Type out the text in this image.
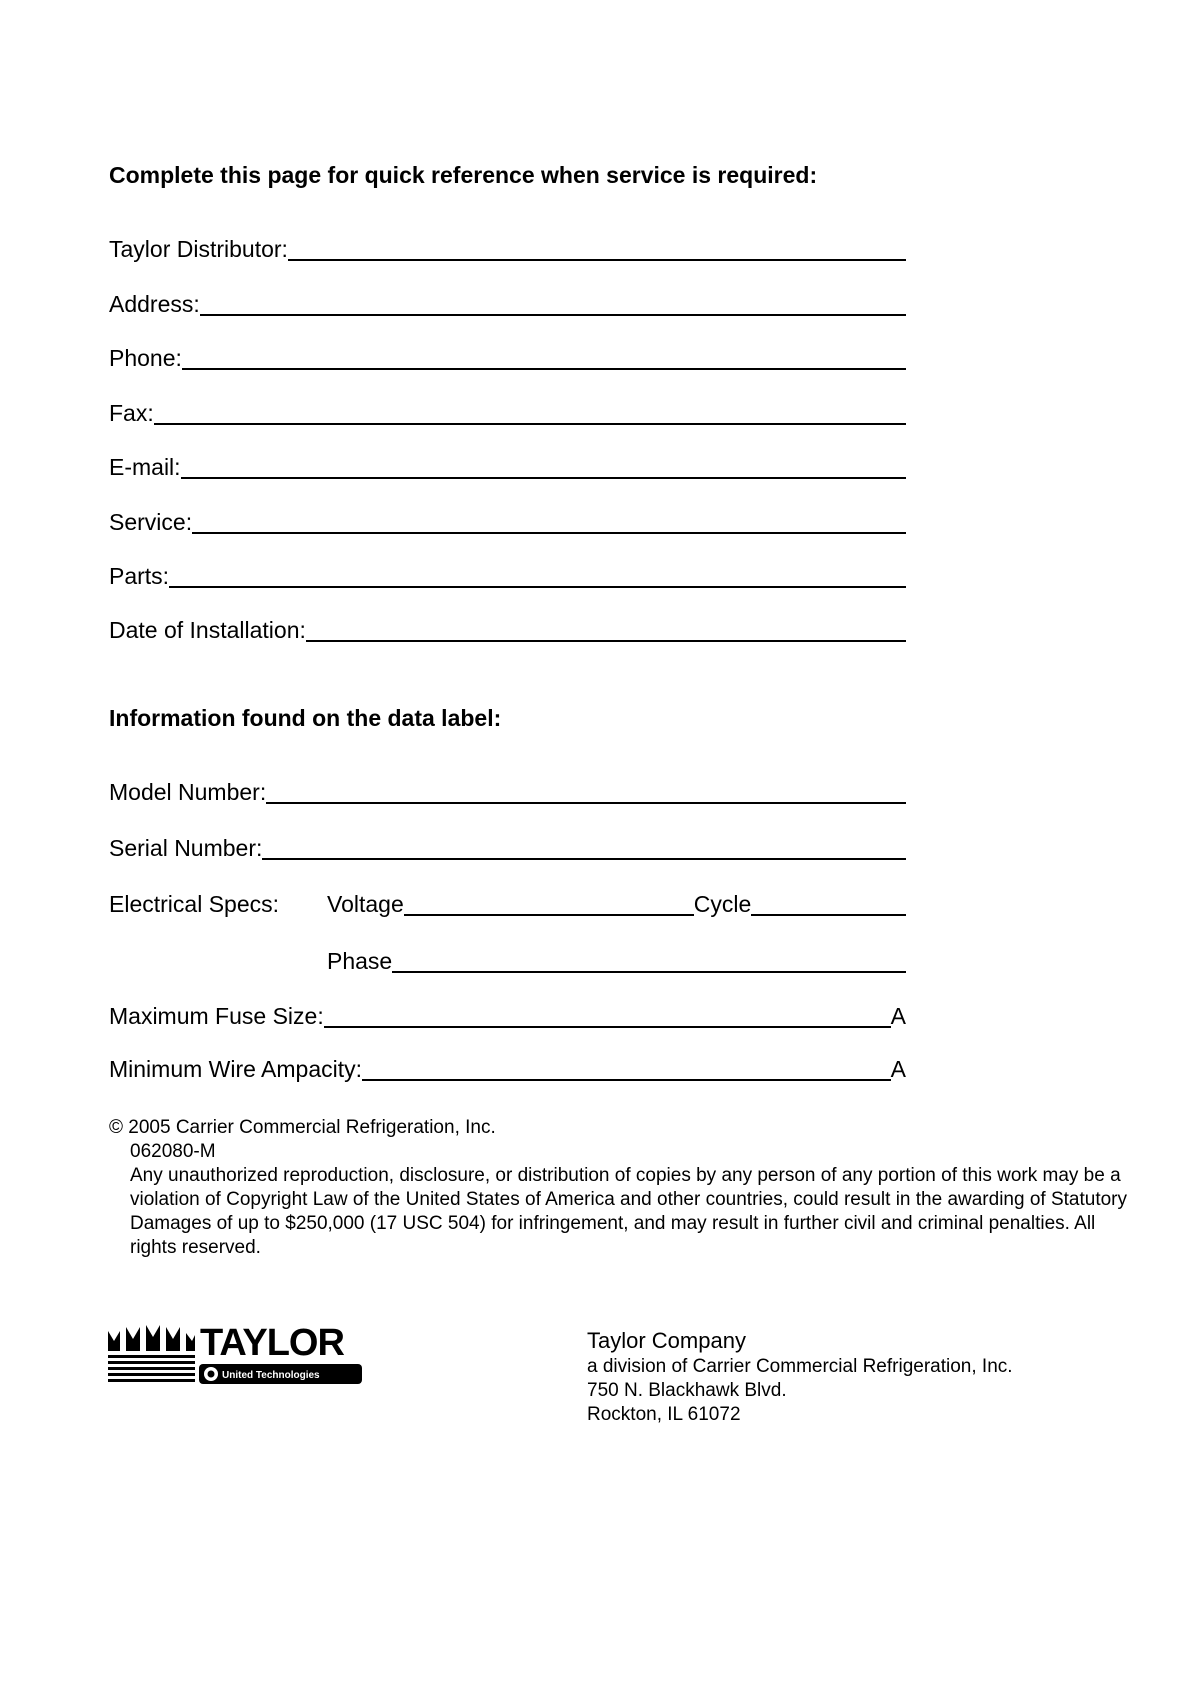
Complete this page for quick reference when service is required:
Taylor Distributor:
Address:
Phone:
Fax:
E-mail:
Service:
Parts:
Date of Installation:
Information found on the data label:
Model Number:
Serial Number:
Electrical Specs:	Voltage	Cycle
Phase
Maximum Fuse Size:	A
Minimum Wire Ampacity:	A
© 2005 Carrier Commercial Refrigeration, Inc.
062080-M
Any unauthorized reproduction, disclosure, or distribution of copies by any person of any portion of this work may be a violation of Copyright Law of the United States of America and other countries, could result in the awarding of Statutory Damages of up to $250,000 (17 USC 504) for infringement, and may result in further civil and criminal penalties. All rights reserved.
TAYLOR
United Technologies
Taylor Company
a division of Carrier Commercial Refrigeration, Inc.
750 N. Blackhawk Blvd.
Rockton, IL 61072
